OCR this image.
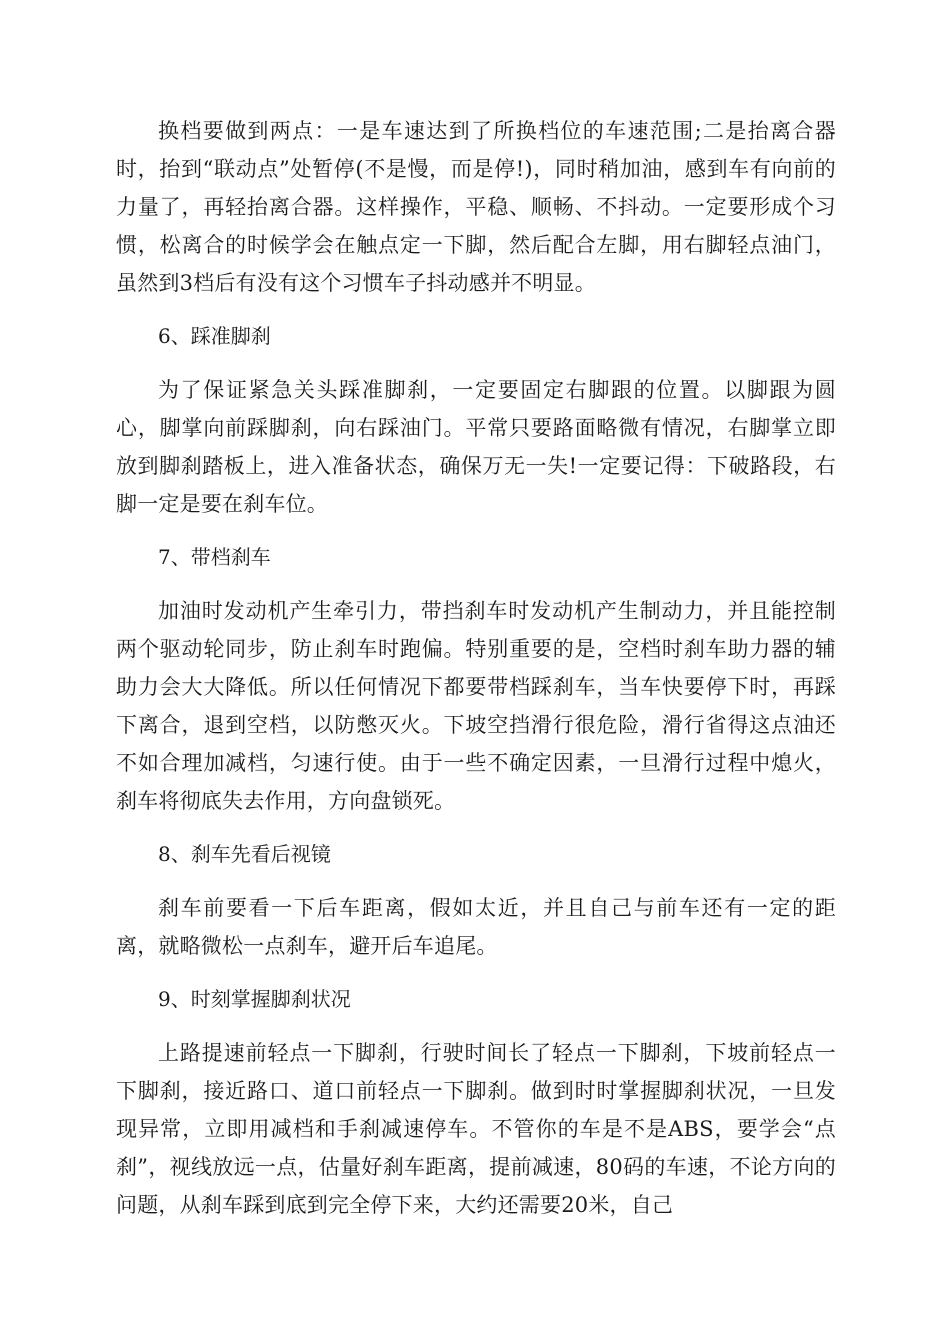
换档要做到两点：一是车速达到了所换档位的车速范围;二是抬离合器时，抬到“联动点”处暂停(不是慢，而是停!)，同时稍加油，感到车有向前的力量了，再轻抬离合器。这样操作，平稳、顺畅、不抖动。一定要形成个习惯，松离合的时候学会在触点定一下脚，然后配合左脚，用右脚轻点油门，虽然到3档后有没有这个习惯车子抖动感并不明显。

6、踩准脚刹

为了保证紧急关头踩准脚刹，一定要固定右脚跟的位置。以脚跟为圆心，脚掌向前踩脚刹，向右踩油门。平常只要路面略微有情况，右脚掌立即放到脚刹踏板上，进入准备状态，确保万无一失!一定要记得：下破路段，右脚一定是要在刹车位。

7、带档刹车

加油时发动机产生牵引力，带挡刹车时发动机产生制动力，并且能控制两个驱动轮同步，防止刹车时跑偏。特别重要的是，空档时刹车助力器的辅助力会大大降低。所以任何情况下都要带档踩刹车，当车快要停下时，再踩下离合，退到空档，以防憋灭火。下坡空挡滑行很危险，滑行省得这点油还不如合理加减档，匀速行使。由于一些不确定因素，一旦滑行过程中熄火，刹车将彻底失去作用，方向盘锁死。

8、刹车先看后视镜

刹车前要看一下后车距离，假如太近，并且自己与前车还有一定的距离，就略微松一点刹车，避开后车追尾。

9、时刻掌握脚刹状况

上路提速前轻点一下脚刹，行驶时间长了轻点一下脚刹，下坡前轻点一下脚刹，接近路口、道口前轻点一下脚刹。做到时时掌握脚刹状况，一旦发现异常，立即用减档和手刹减速停车。不管你的车是不是ABS，要学会“点刹”，视线放远一点，估量好刹车距离，提前减速，80码的车速，不论方向的问题，从刹车踩到底到完全停下来，大约还需要20米，自己
